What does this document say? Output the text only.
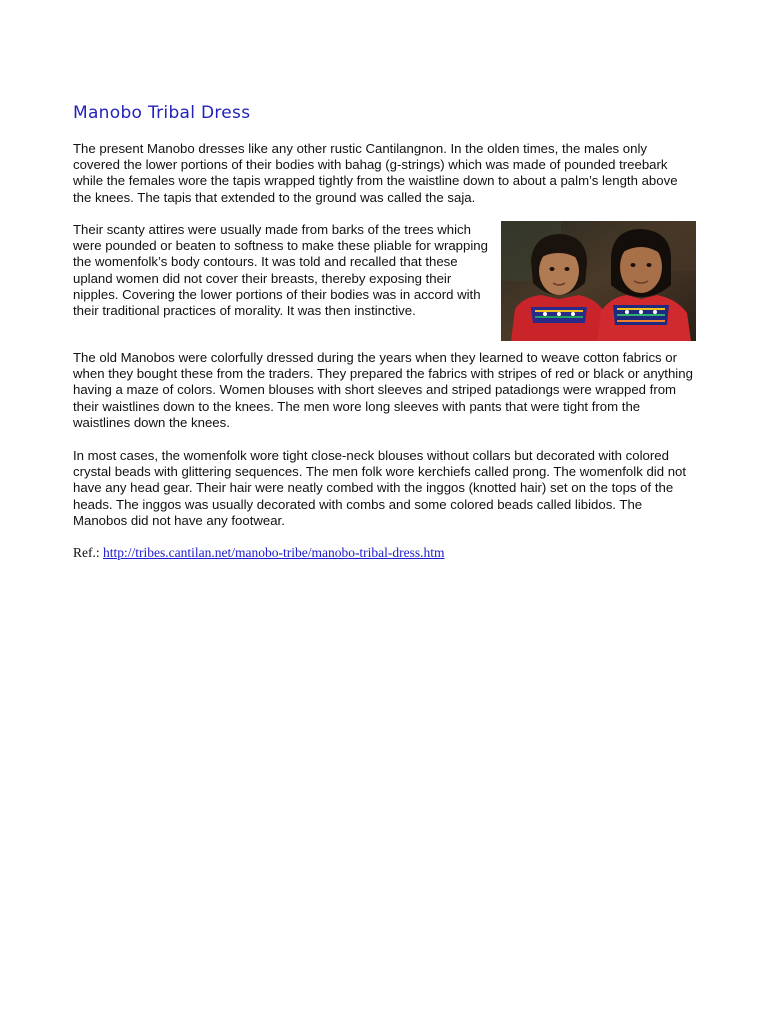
Manobo Tribal Dress

The present Manobo dresses like any other rustic Cantilangnon. In the olden times, the males only covered the lower portions of their bodies with bahag (g-strings) which was made of pounded treebark while the females wore the tapis wrapped tightly from the waistline down to about a palm’s length above the knees. The tapis that extended to the ground was called the saja.

Their scanty attires were usually made from barks of the trees which were pounded or beaten to softness to make these pliable for wrapping the womenfolk’s body contours. It was told and recalled that these upland women did not cover their breasts, thereby exposing their nipples. Covering the lower portions of their bodies was in accord with their traditional practices of morality. It was then instinctive.

The old Manobos were colorfully dressed during the years when they learned to weave cotton fabrics or when they bought these from the traders. They prepared the fabrics with stripes of red or black or anything having a maze of colors. Women blouses with short sleeves and striped patadiongs were wrapped from their waistlines down to the knees. The men wore long sleeves with pants that were tight from the waistlines down the knees.

In most cases, the womenfolk wore tight close-neck blouses without collars but decorated with colored crystal beads with glittering sequences. The men folk wore kerchiefs called prong. The womenfolk did not have any head gear. Their hair were neatly combed with the inggos (knotted hair) set on the tops of the heads. The inggos was usually decorated with combs and some colored beads called libidos. The Manobos did not have any footwear.

Ref.: http://tribes.cantilan.net/manobo-tribe/manobo-tribal-dress.htm
